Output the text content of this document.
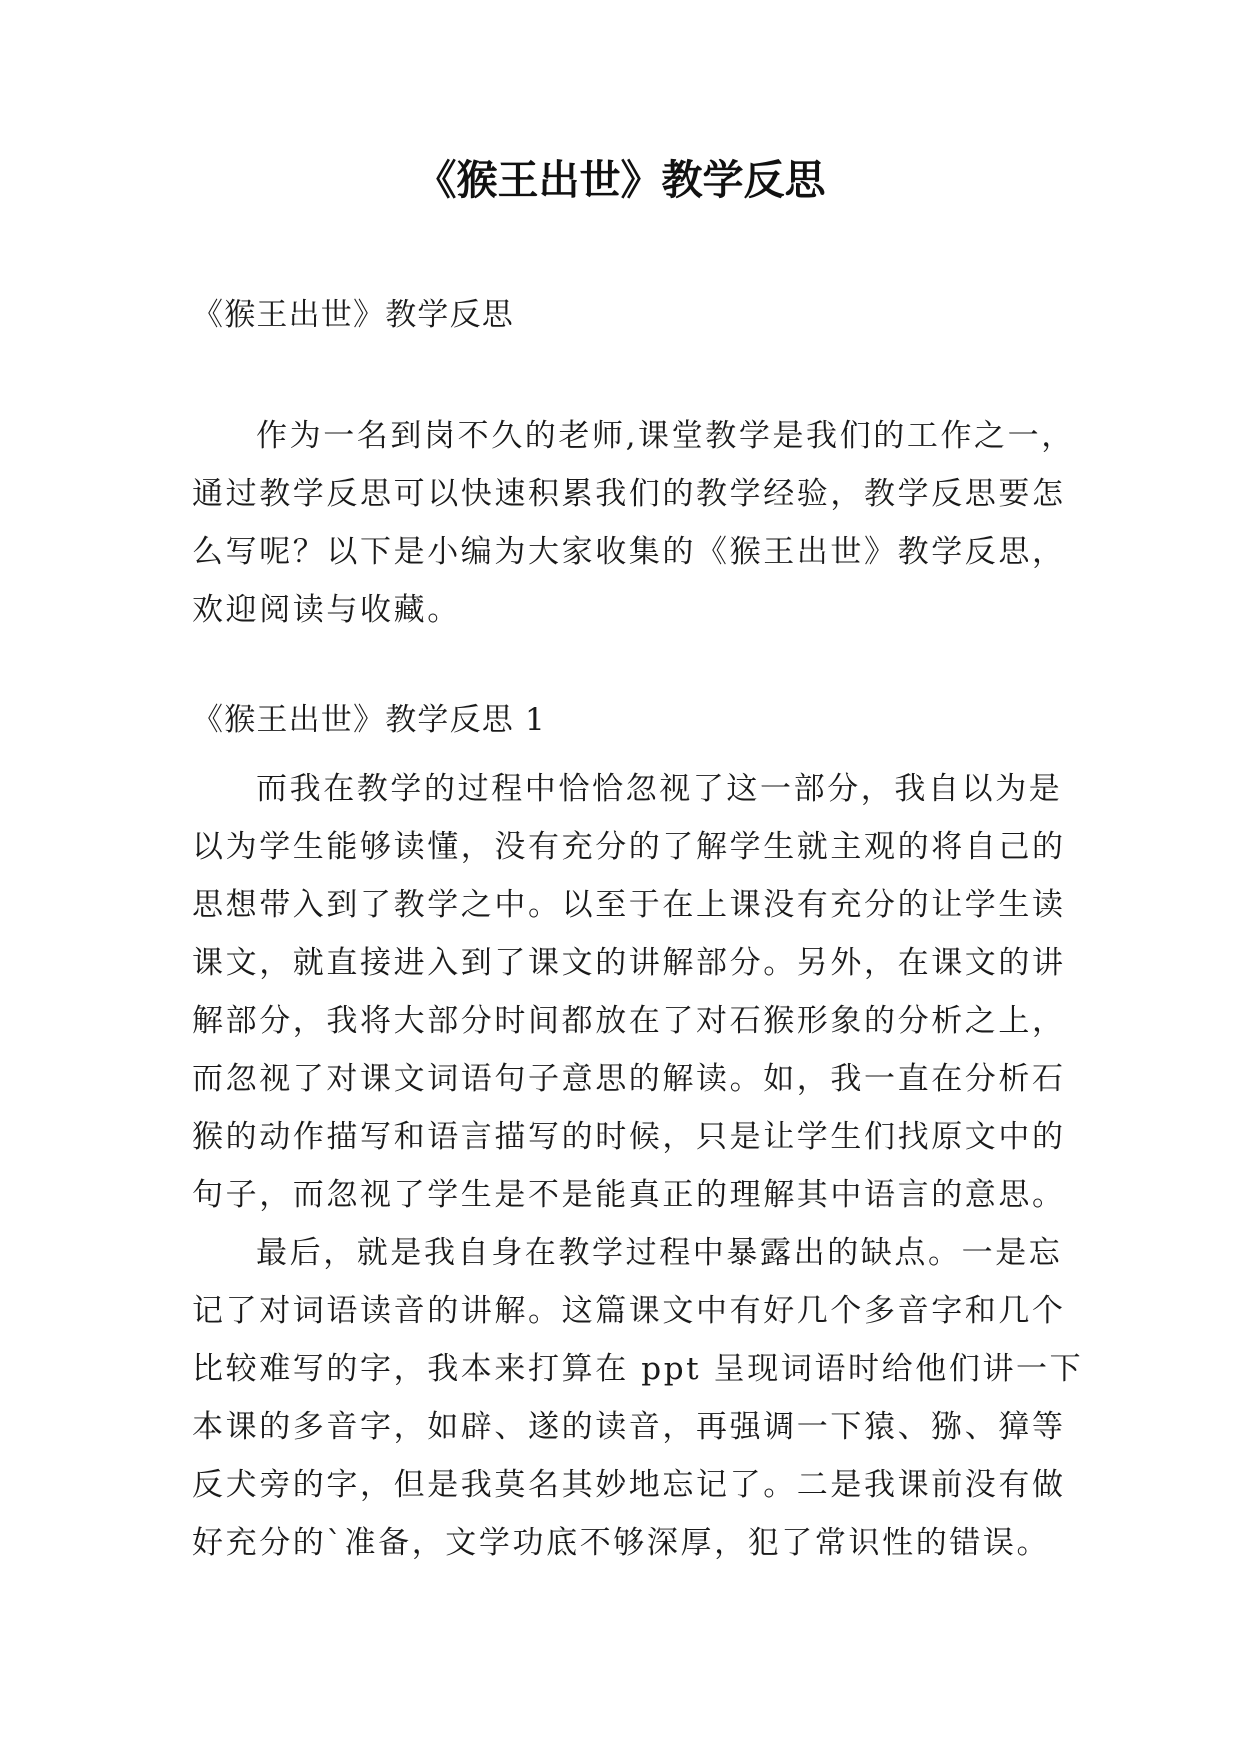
《猴王出世》教学反思

《猴王出世》教学反思

作为一名到岗不久的老师,课堂教学是我们的工作之一，
通过教学反思可以快速积累我们的教学经验，教学反思要怎
么写呢？以下是小编为大家收集的《猴王出世》教学反思，
欢迎阅读与收藏。

《猴王出世》教学反思 1

而我在教学的过程中恰恰忽视了这一部分，我自以为是
以为学生能够读懂，没有充分的了解学生就主观的将自己的
思想带入到了教学之中。以至于在上课没有充分的让学生读
课文，就直接进入到了课文的讲解部分。另外，在课文的讲
解部分，我将大部分时间都放在了对石猴形象的分析之上，
而忽视了对课文词语句子意思的解读。如，我一直在分析石
猴的动作描写和语言描写的时候，只是让学生们找原文中的
句子，而忽视了学生是不是能真正的理解其中语言的意思。
最后，就是我自身在教学过程中暴露出的缺点。一是忘
记了对词语读音的讲解。这篇课文中有好几个多音字和几个
比较难写的字，我本来打算在 ppt 呈现词语时给他们讲一下
本课的多音字，如辟、遂的读音，再强调一下猿、猕、獐等
反犬旁的字，但是我莫名其妙地忘记了。二是我课前没有做
好充分的`准备，文学功底不够深厚，犯了常识性的错误。
